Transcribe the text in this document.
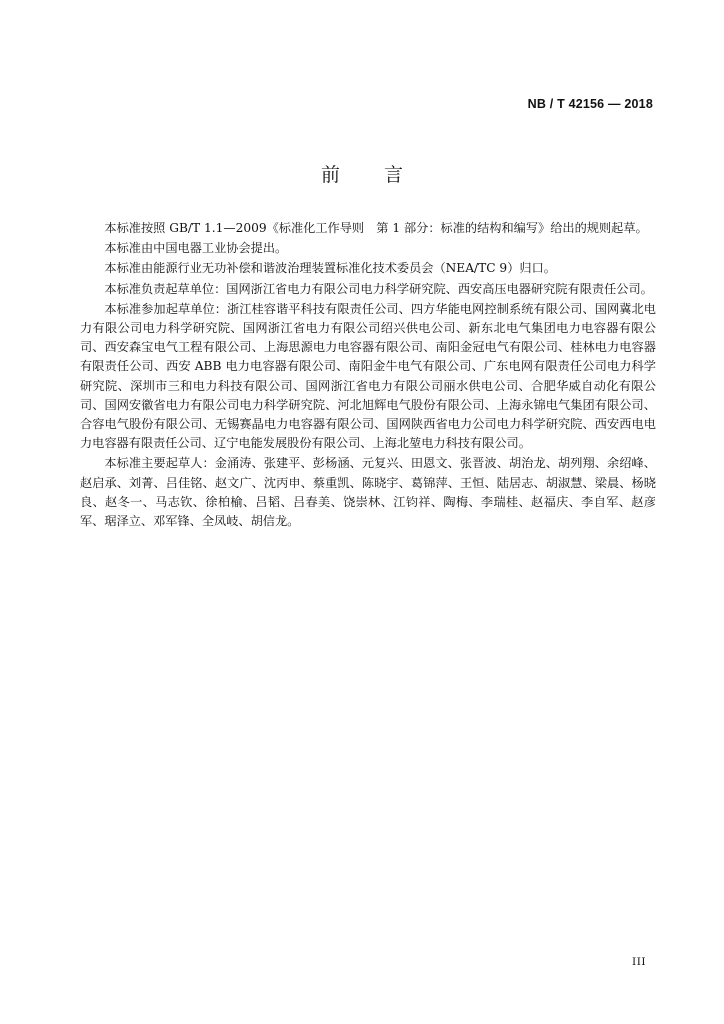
NB / T 42156 — 2018
前言

本标准按照 GB/T 1.1—2009《标准化工作导则　第 1 部分：标准的结构和编写》给出的规则起草。

本标准由中国电器工业协会提出。

本标准由能源行业无功补偿和谐波治理装置标准化技术委员会（NEA/TC 9）归口。

本标准负责起草单位：国网浙江省电力有限公司电力科学研究院、西安高压电器研究院有限责任公司。

本标准参加起草单位：浙江桂容谐平科技有限责任公司、四方华能电网控制系统有限公司、国网冀北电力有限公司电力科学研究院、国网浙江省电力有限公司绍兴供电公司、新东北电气集团电力电容器有限公司、西安森宝电气工程有限公司、上海思源电力电容器有限公司、南阳金冠电气有限公司、桂林电力电容器有限责任公司、西安 ABB 电力电容器有限公司、南阳金牛电气有限公司、广东电网有限责任公司电力科学研究院、深圳市三和电力科技有限公司、国网浙江省电力有限公司丽水供电公司、合肥华威自动化有限公司、国网安徽省电力有限公司电力科学研究院、河北旭辉电气股份有限公司、上海永锦电气集团有限公司、合容电气股份有限公司、无锡赛晶电力电容器有限公司、国网陕西省电力公司电力科学研究院、西安西电电力电容器有限责任公司、辽宁电能发展股份有限公司、上海北堃电力科技有限公司。

本标准主要起草人：金涌涛、张建平、彭杨涵、元复兴、田恩文、张晋波、胡治龙、胡列翔、余绍峰、赵启承、刘菁、吕佳铭、赵文广、沈丙申、蔡重凯、陈晓宇、葛锦萍、王恒、陆居志、胡淑慧、梁晨、杨晓良、赵冬一、马志钦、徐柏榆、吕韬、吕春美、饶崇林、江钧祥、陶梅、李瑞桂、赵福庆、李自军、赵彦军、琚泽立、邓军锋、全凤岐、胡信龙。

III
